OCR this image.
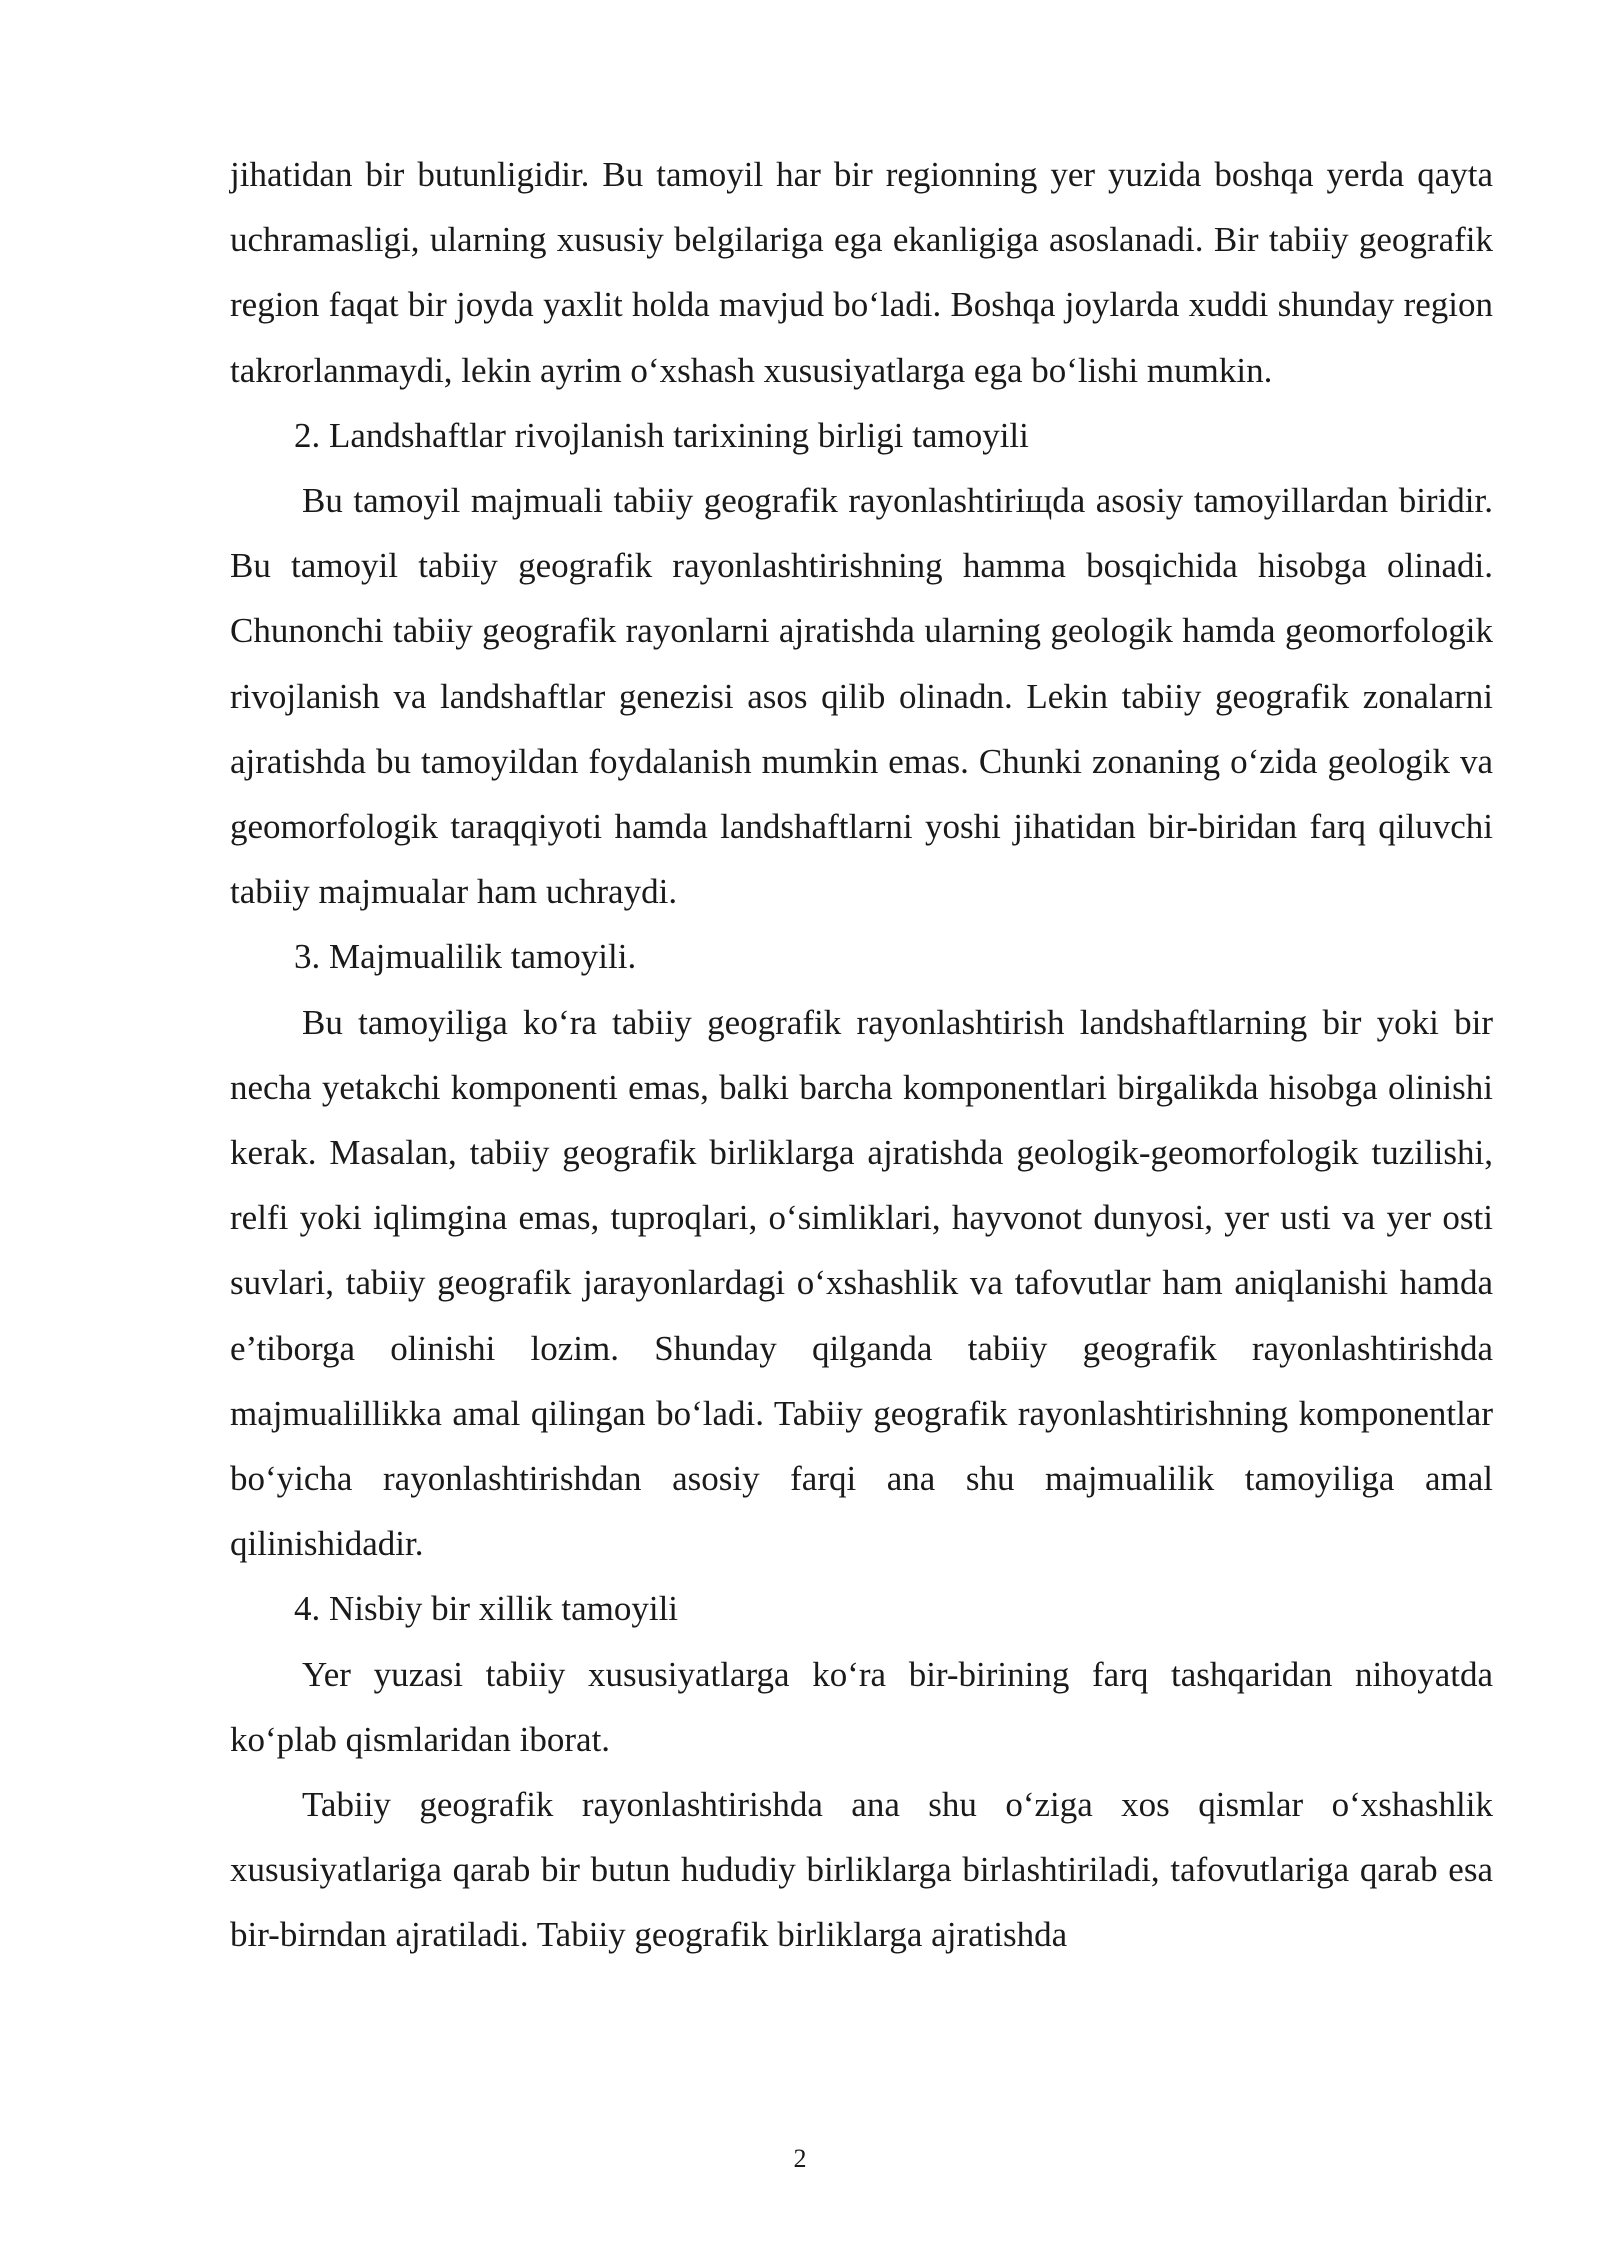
jihatidan bir butunligidir. Bu tamoyil har bir regionning yer yuzida boshqa yerda qayta uchramasligi, ularning xususiy belgilariga ega ekanligiga asoslanadi. Bir tabiiy geografik region faqat bir joyda yaxlit holda mavjud bo‘ladi. Boshqa joylarda xuddi shunday region takrorlanmaydi, lekin ayrim o‘xshash xususiyatlarga ega bo‘lishi mumkin.

2. Landshaftlar rivojlanish tarixining birligi tamoyili

Bu tamoyil majmuali tabiiy geografik rayonlashtiriщda asosiy tamoyillardan biridir. Bu tamoyil tabiiy geografik rayonlashtirishning hamma bosqichida hisobga olinadi. Chunonchi tabiiy geografik rayonlarni ajratishda ularning geologik hamda geomorfologik rivojlanish va landshaftlar genezisi asos qilib olinadn. Lekin tabiiy geografik zonalarni ajratishda bu tamoyildan foydalanish mumkin emas. Chunki zonaning o‘zida geologik va geomorfologik taraqqiyoti hamda landshaftlarni yoshi jihatidan bir-biridan farq qiluvchi tabiiy majmualar ham uchraydi.

3. Majmualilik tamoyili.

Bu tamoyiliga ko‘ra tabiiy geografik rayonlashtirish landshaftlarning bir yoki bir necha yetakchi komponenti emas, balki barcha komponentlari birgalikda hisobga olinishi kerak. Masalan, tabiiy geografik birliklarga ajratishda geologik-geomorfologik tuzilishi, relfi yoki iqlimgina emas, tuproqlari, o‘simliklari, hayvonot dunyosi, yer usti va yer osti suvlari, tabiiy geografik jarayonlardagi o‘xshashlik va tafovutlar ham aniqlanishi hamda e’tiborga olinishi lozim. Shunday qilganda tabiiy geografik rayonlashtirishda majmualillikka amal qilingan bo‘ladi. Tabiiy geografik rayonlashtirishning komponentlar bo‘yicha rayonlashtirishdan asosiy farqi ana shu majmualilik tamoyiliga amal qilinishidadir.

4. Nisbiy bir xillik tamoyili

Yer yuzasi tabiiy xususiyatlarga ko‘ra bir-birining farq tashqaridan nihoyatda ko‘plab qismlaridan iborat.

Tabiiy geografik rayonlashtirishda ana shu o‘ziga xos qismlar o‘xshashlik xususiyatlariga qarab bir butun hududiy birliklarga birlashtiriladi, tafovutlariga qarab esa bir-birndan ajratiladi. Tabiiy geografik birliklarga ajratishda

2
